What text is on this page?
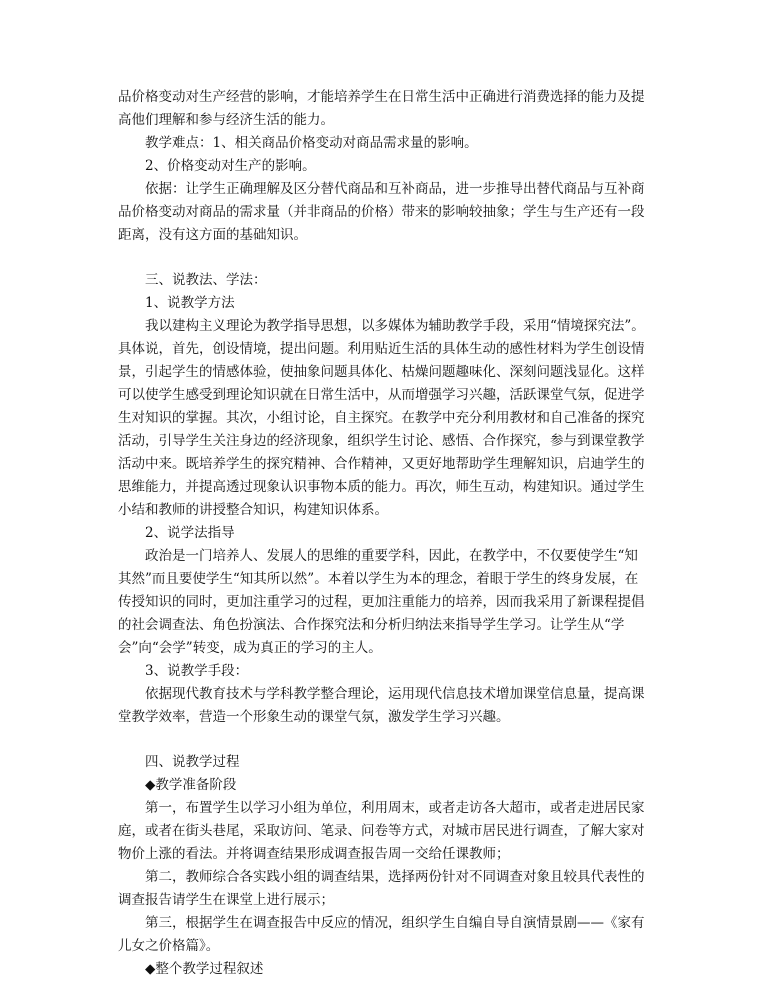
品价格变动对生产经营的影响，才能培养学生在日常生活中正确进行消费选择的能力及提
高他们理解和参与经济生活的能力。
教学难点：1、相关商品价格变动对商品需求量的影响。
2、价格变动对生产的影响。
依据：让学生正确理解及区分替代商品和互补商品，进一步推导出替代商品与互补商
品价格变动对商品的需求量（并非商品的价格）带来的影响较抽象；学生与生产还有一段
距离，没有这方面的基础知识。
三、说教法、学法：
1、说教学方法
我以建构主义理论为教学指导思想，以多媒体为辅助教学手段，采用“情境探究法”。
具体说，首先，创设情境，提出问题。利用贴近生活的具体生动的感性材料为学生创设情
景，引起学生的情感体验，使抽象问题具体化、枯燥问题趣味化、深刻问题浅显化。这样
可以使学生感受到理论知识就在日常生活中，从而增强学习兴趣，活跃课堂气氛，促进学
生对知识的掌握。其次，小组讨论，自主探究。在教学中充分利用教材和自己准备的探究
活动，引导学生关注身边的经济现象，组织学生讨论、感悟、合作探究，参与到课堂教学
活动中来。既培养学生的探究精神、合作精神，又更好地帮助学生理解知识，启迪学生的
思维能力，并提高透过现象认识事物本质的能力。再次，师生互动，构建知识。通过学生
小结和教师的讲授整合知识，构建知识体系。
2、说学法指导
政治是一门培养人、发展人的思维的重要学科，因此，在教学中，不仅要使学生“知
其然”而且要使学生“知其所以然”。本着以学生为本的理念，着眼于学生的终身发展，在
传授知识的同时，更加注重学习的过程，更加注重能力的培养，因而我采用了新课程提倡
的社会调查法、角色扮演法、合作探究法和分析归纳法来指导学生学习。让学生从“学
会”向“会学”转变，成为真正的学习的主人。
3、说教学手段：
依据现代教育技术与学科教学整合理论，运用现代信息技术增加课堂信息量，提高课
堂教学效率，营造一个形象生动的课堂气氛，激发学生学习兴趣。
四、说教学过程
◆教学准备阶段
第一，布置学生以学习小组为单位，利用周末，或者走访各大超市，或者走进居民家
庭，或者在街头巷尾，采取访问、笔录、问卷等方式，对城市居民进行调查，了解大家对
物价上涨的看法。并将调查结果形成调查报告周一交给任课教师；
第二，教师综合各实践小组的调查结果，选择两份针对不同调查对象且较具代表性的
调查报告请学生在课堂上进行展示；
第三，根据学生在调查报告中反应的情况，组织学生自编自导自演情景剧——《家有
儿女之价格篇》。
◆整个教学过程叙述
